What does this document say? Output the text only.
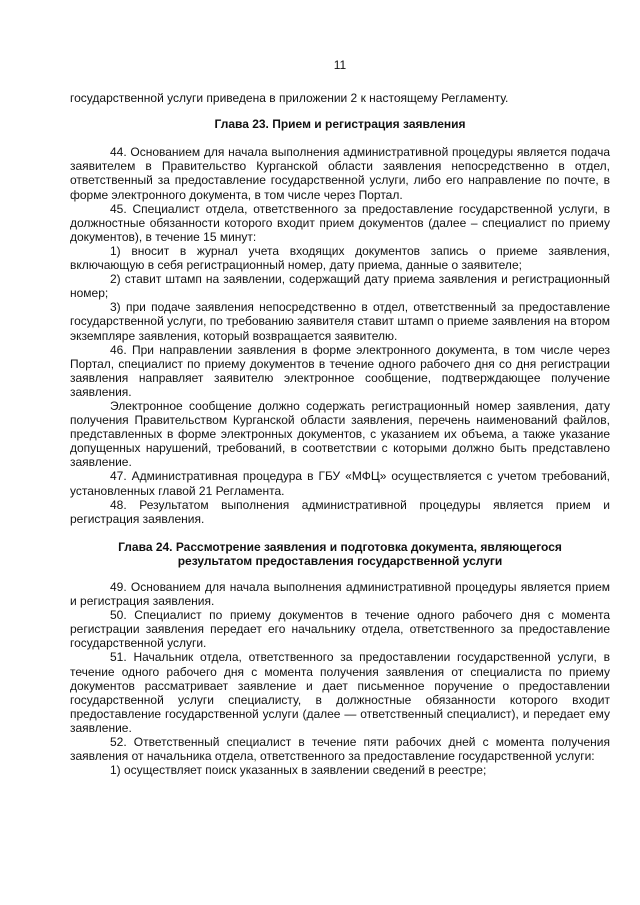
11

государственной услуги приведена в приложении 2 к настоящему Регламенту.

Глава 23. Прием и регистрация заявления

44. Основанием для начала выполнения административной процедуры является подача заявителем в Правительство Курганской области заявления непосредственно в отдел, ответственный за предоставление государственной услуги, либо его направление по почте, в форме электронного документа, в том числе через Портал.

45. Специалист отдела, ответственного за предоставление государственной услуги, в должностные обязанности которого входит прием документов (далее – специалист по приему документов), в течение 15 минут:

1) вносит в журнал учета входящих документов запись о приеме заявления, включающую в себя регистрационный номер, дату приема, данные о заявителе;

2) ставит штамп на заявлении, содержащий дату приема заявления и регистрационный номер;

3) при подаче заявления непосредственно в отдел, ответственный за предоставление государственной услуги, по требованию заявителя ставит штамп о приеме заявления на втором экземпляре заявления, который возвращается заявителю.

46. При направлении заявления в форме электронного документа, в том числе через Портал, специалист по приему документов в течение одного рабочего дня со дня регистрации заявления направляет заявителю электронное сообщение, подтверждающее получение заявления.

Электронное сообщение должно содержать регистрационный номер заявления, дату получения Правительством Курганской области заявления, перечень наименований файлов, представленных в форме электронных документов, с указанием их объема, а также указание допущенных нарушений, требований, в соответствии с которыми должно быть представлено заявление.

47. Административная процедура в ГБУ «МФЦ» осуществляется с учетом требований, установленных главой 21 Регламента.

48. Результатом выполнения административной процедуры является прием и регистрация заявления.

Глава 24. Рассмотрение заявления и подготовка документа, являющегося
результатом предоставления государственной услуги

49. Основанием для начала выполнения административной процедуры является прием и регистрация заявления.

50. Специалист по приему документов в течение одного рабочего дня с момента регистрации заявления передает его начальнику отдела, ответственного за предоставление государственной услуги.

51. Начальник отдела, ответственного за предоставлении государственной услуги, в течение одного рабочего дня с момента получения заявления от специалиста по приему документов рассматривает заявление и дает письменное поручение о предоставлении государственной услуги специалисту, в должностные обязанности которого входит предоставление государственной услуги (далее — ответственный специалист), и передает ему заявление.

52. Ответственный специалист в течение пяти рабочих дней с момента получения заявления от начальника отдела, ответственного за предоставление государственной услуги:

1) осуществляет поиск указанных в заявлении сведений в реестре;
